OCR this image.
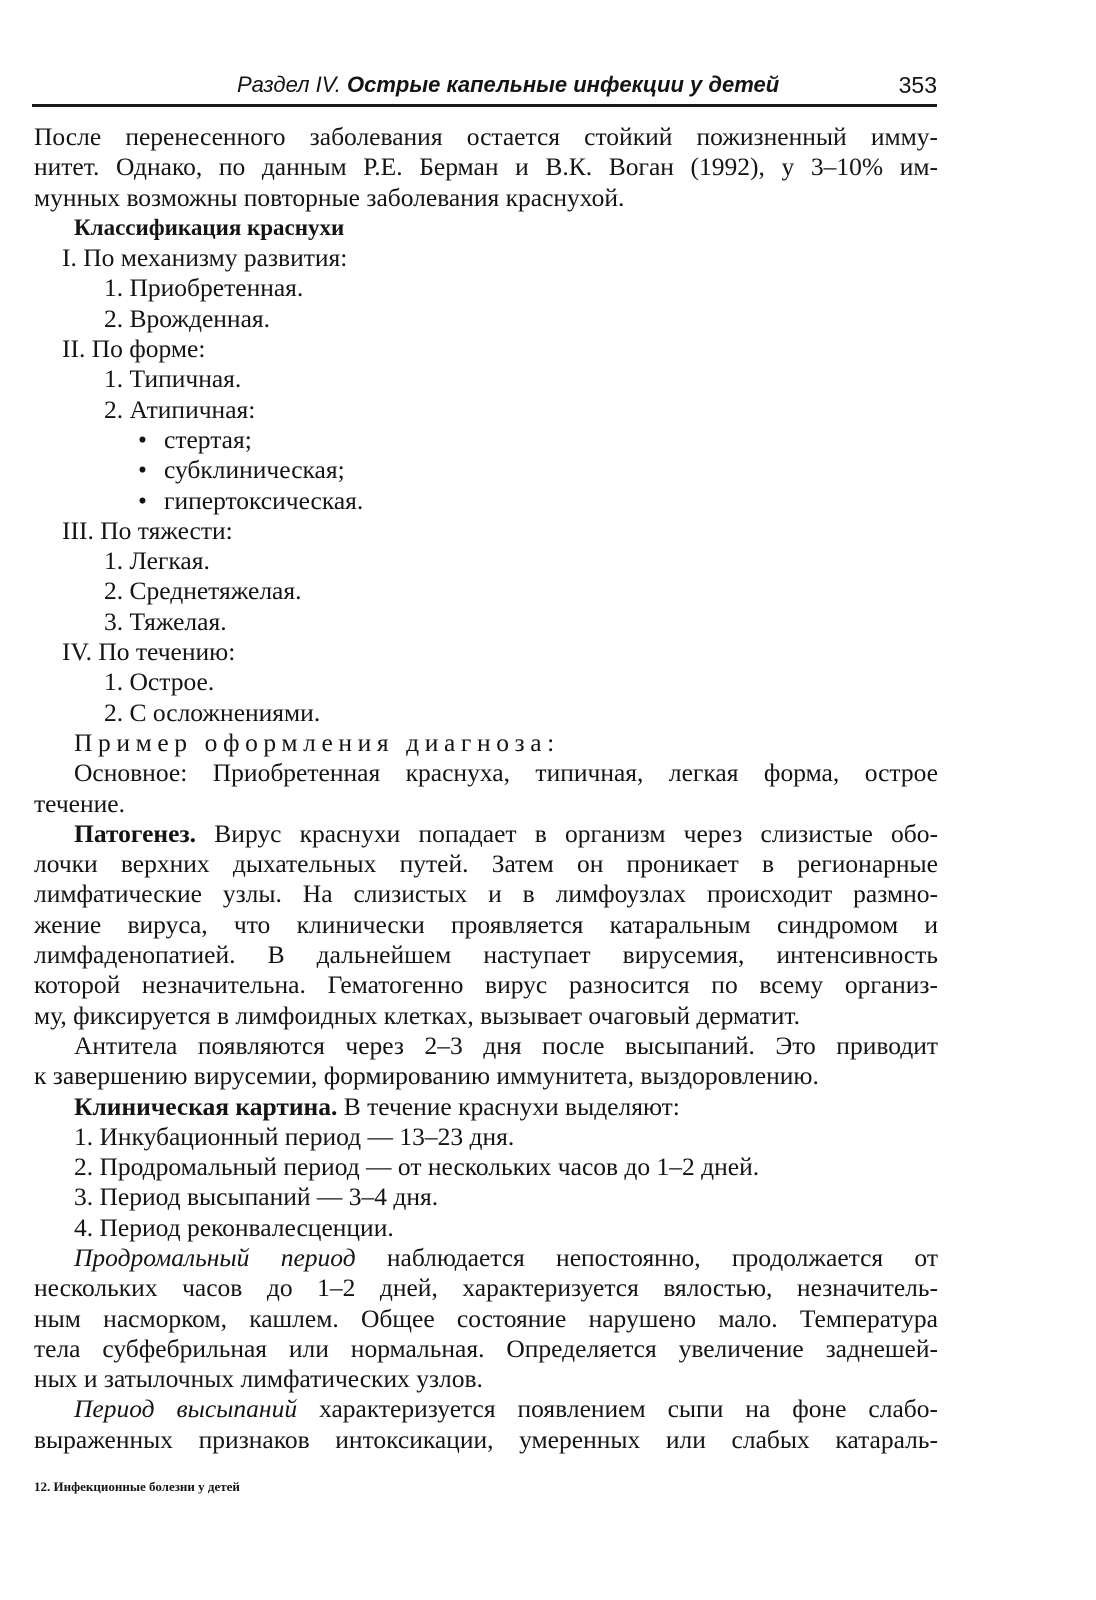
Раздел IV. Острые капельные инфекции у детей	353

После перенесенного заболевания остается стойкий пожизненный имму-

нитет. Однако, по данным Р.Е. Берман и В.К. Воган (1992), у 3–10% им-

мунных возможны повторные заболевания краснухой.

Классификация краснухи

I. По механизму развития:

1. Приобретенная.

2. Врожденная.

II. По форме:

1. Типичная.

2. Атипичная:

• стертая;

• субклиническая;

• гипертоксическая.

III. По тяжести:

1. Легкая.

2. Среднетяжелая.

3. Тяжелая.

IV. По течению:

1. Острое.

2. С осложнениями.

Пример оформления диагноза:

Основное: Приобретенная краснуха, типичная, легкая форма, острое

течение.

Патогенез. Вирус краснухи попадает в организм через слизистые обо-

лочки верхних дыхательных путей. Затем он проникает в регионарные

лимфатические узлы. На слизистых и в лимфоузлах происходит размно-

жение вируса, что клинически проявляется катаральным синдромом и

лимфаденопатией. В дальнейшем наступает вирусемия, интенсивность

которой незначительна. Гематогенно вирус разносится по всему организ-

му, фиксируется в лимфоидных клетках, вызывает очаговый дерматит.

Антитела появляются через 2–3 дня после высыпаний. Это приводит

к завершению вирусемии, формированию иммунитета, выздоровлению.

Клиническая картина. В течение краснухи выделяют:

1. Инкубационный период — 13–23 дня.

2. Продромальный период — от нескольких часов до 1–2 дней.

3. Период высыпаний — 3–4 дня.

4. Период реконвалесценции.

Продромальный период наблюдается непостоянно, продолжается от

нескольких часов до 1–2 дней, характеризуется вялостью, незначитель-

ным насморком, кашлем. Общее состояние нарушено мало. Температура

тела субфебрильная или нормальная. Определяется увеличение заднешей-

ных и затылочных лимфатических узлов.

Период высыпаний характеризуется появлением сыпи на фоне слабо-

выраженных признаков интоксикации, умеренных или слабых катараль-

12. Инфекционные болезни у детей
